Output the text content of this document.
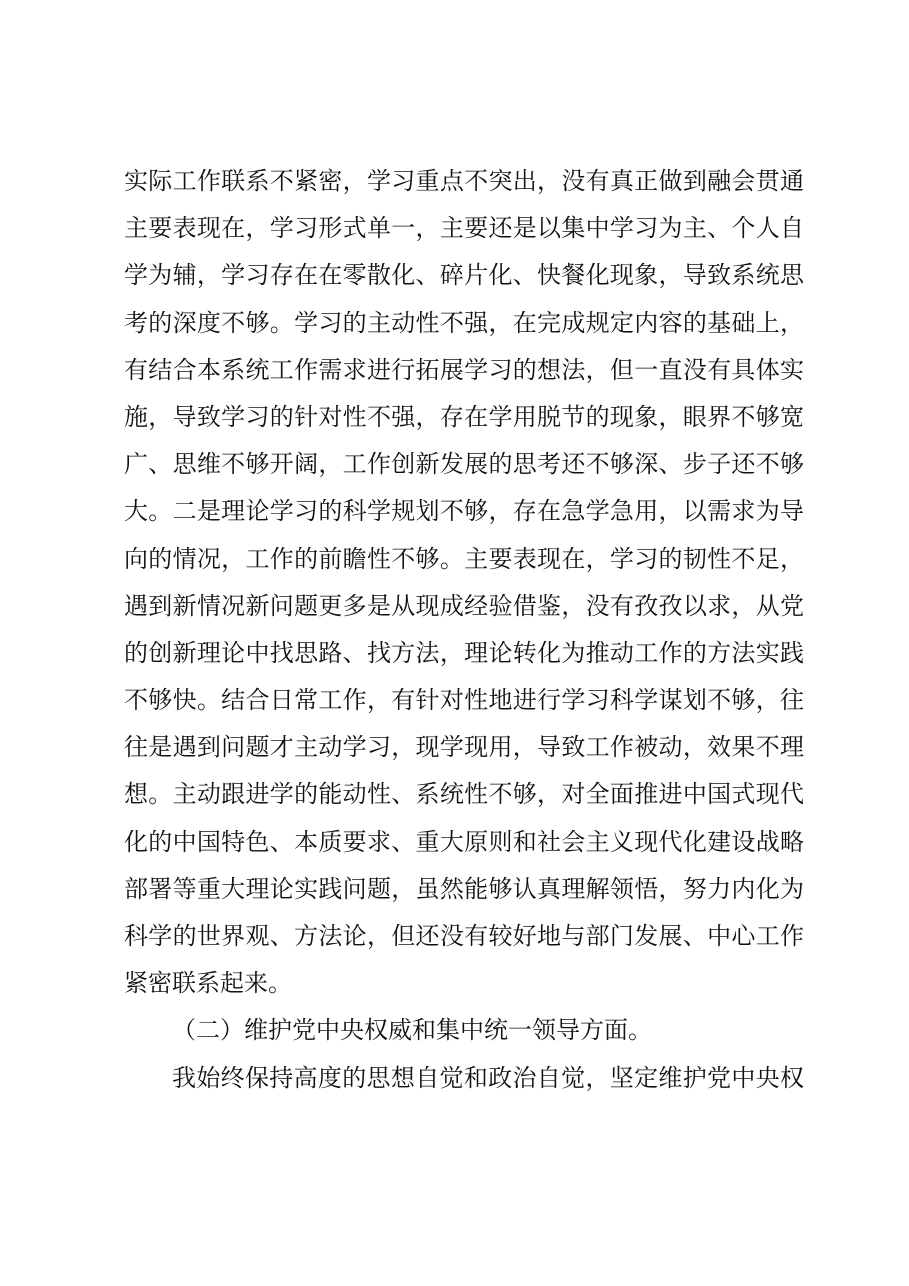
实际工作联系不紧密，学习重点不突出，没有真正做到融会贯通
主要表现在，学习形式单一，主要还是以集中学习为主、个人自
学为辅，学习存在在零散化、碎片化、快餐化现象，导致系统思
考的深度不够。学习的主动性不强，在完成规定内容的基础上，
有结合本系统工作需求进行拓展学习的想法，但一直没有具体实
施，导致学习的针对性不强，存在学用脱节的现象，眼界不够宽
广、思维不够开阔，工作创新发展的思考还不够深、步子还不够
大。二是理论学习的科学规划不够，存在急学急用，以需求为导
向的情况，工作的前瞻性不够。主要表现在，学习的韧性不足，
遇到新情况新问题更多是从现成经验借鉴，没有孜孜以求，从党
的创新理论中找思路、找方法，理论转化为推动工作的方法实践
不够快。结合日常工作，有针对性地进行学习科学谋划不够，往
往是遇到问题才主动学习，现学现用，导致工作被动，效果不理
想。主动跟进学的能动性、系统性不够，对全面推进中国式现代
化的中国特色、本质要求、重大原则和社会主义现代化建设战略
部署等重大理论实践问题，虽然能够认真理解领悟，努力内化为
科学的世界观、方法论，但还没有较好地与部门发展、中心工作
紧密联系起来。
（二）维护党中央权威和集中统一领导方面。
我始终保持高度的思想自觉和政治自觉，坚定维护党中央权
